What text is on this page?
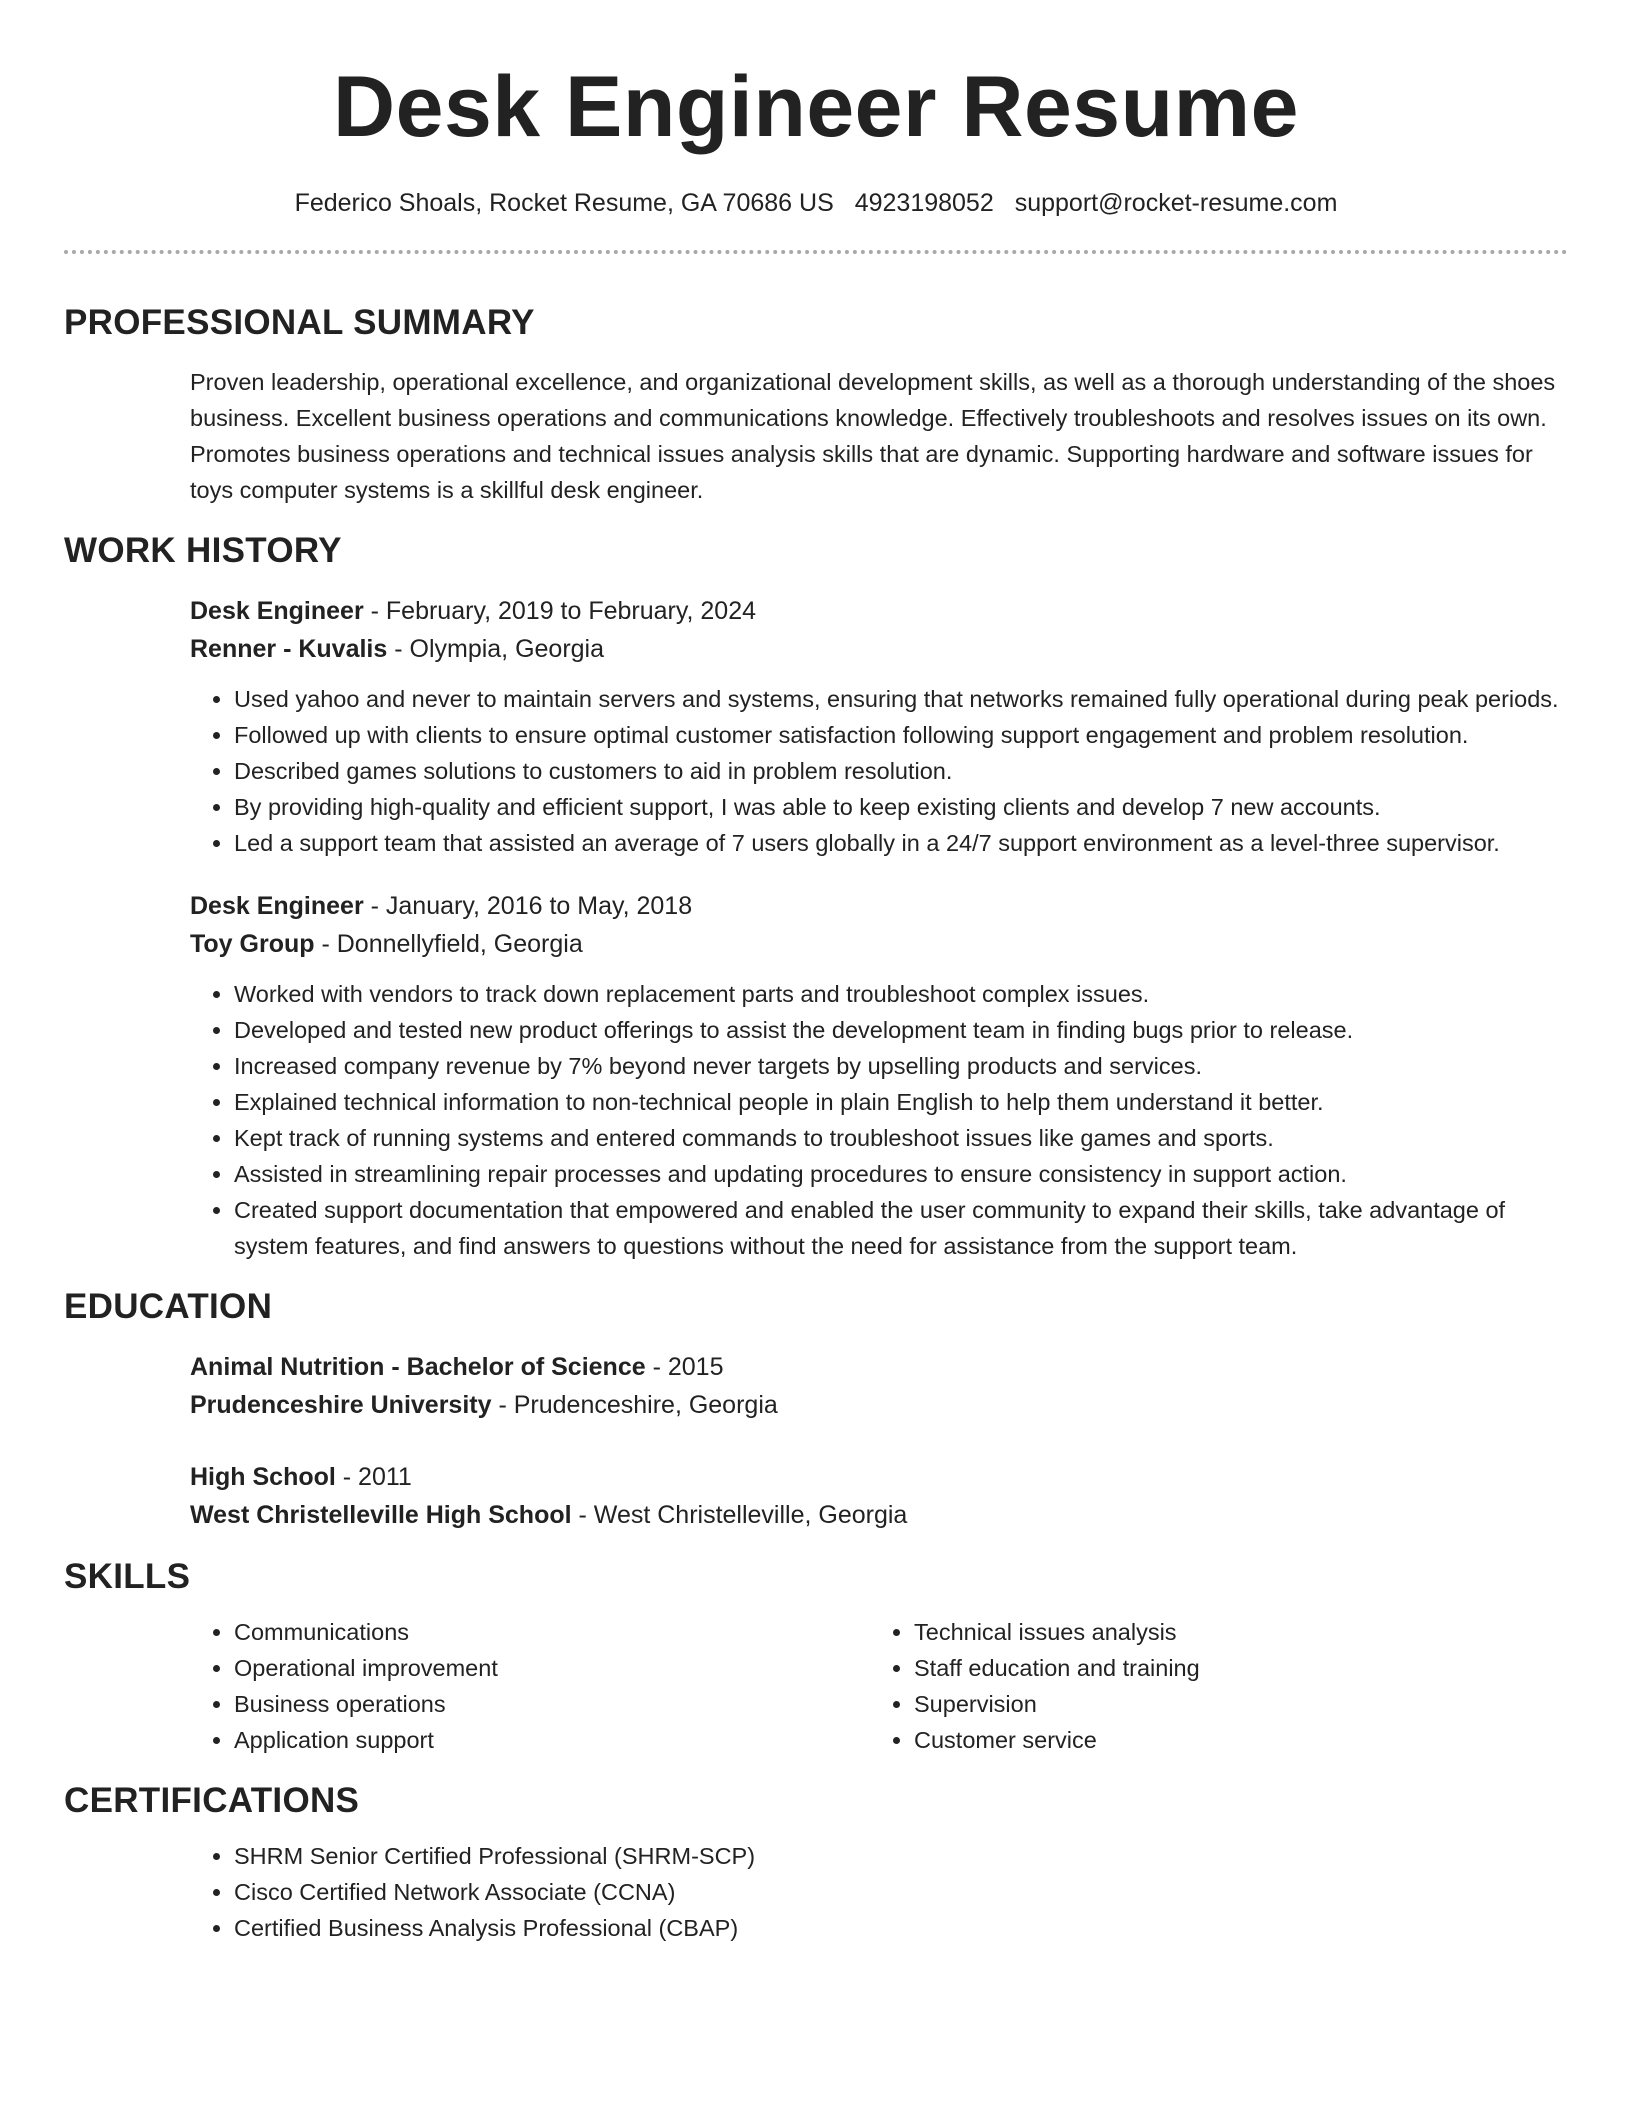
Desk Engineer Resume
Federico Shoals, Rocket Resume, GA 70686 US 4923198052 support@rocket-resume.com
PROFESSIONAL SUMMARY
Proven leadership, operational excellence, and organizational development skills, as well as a thorough understanding of the shoes business. Excellent business operations and communications knowledge. Effectively troubleshoots and resolves issues on its own. Promotes business operations and technical issues analysis skills that are dynamic. Supporting hardware and software issues for toys computer systems is a skillful desk engineer.
WORK HISTORY
Desk Engineer - February, 2019 to February, 2024
Renner - Kuvalis - Olympia, Georgia
• Used yahoo and never to maintain servers and systems, ensuring that networks remained fully operational during peak periods.
• Followed up with clients to ensure optimal customer satisfaction following support engagement and problem resolution.
• Described games solutions to customers to aid in problem resolution.
• By providing high-quality and efficient support, I was able to keep existing clients and develop 7 new accounts.
• Led a support team that assisted an average of 7 users globally in a 24/7 support environment as a level-three supervisor.
Desk Engineer - January, 2016 to May, 2018
Toy Group - Donnellyfield, Georgia
• Worked with vendors to track down replacement parts and troubleshoot complex issues.
• Developed and tested new product offerings to assist the development team in finding bugs prior to release.
• Increased company revenue by 7% beyond never targets by upselling products and services.
• Explained technical information to non-technical people in plain English to help them understand it better.
• Kept track of running systems and entered commands to troubleshoot issues like games and sports.
• Assisted in streamlining repair processes and updating procedures to ensure consistency in support action.
• Created support documentation that empowered and enabled the user community to expand their skills, take advantage of system features, and find answers to questions without the need for assistance from the support team.
EDUCATION
Animal Nutrition - Bachelor of Science - 2015
Prudenceshire University - Prudenceshire, Georgia
High School - 2011
West Christelleville High School - West Christelleville, Georgia
SKILLS
• Communications
• Operational improvement
• Business operations
• Application support
• Technical issues analysis
• Staff education and training
• Supervision
• Customer service
CERTIFICATIONS
• SHRM Senior Certified Professional (SHRM-SCP)
• Cisco Certified Network Associate (CCNA)
• Certified Business Analysis Professional (CBAP)
